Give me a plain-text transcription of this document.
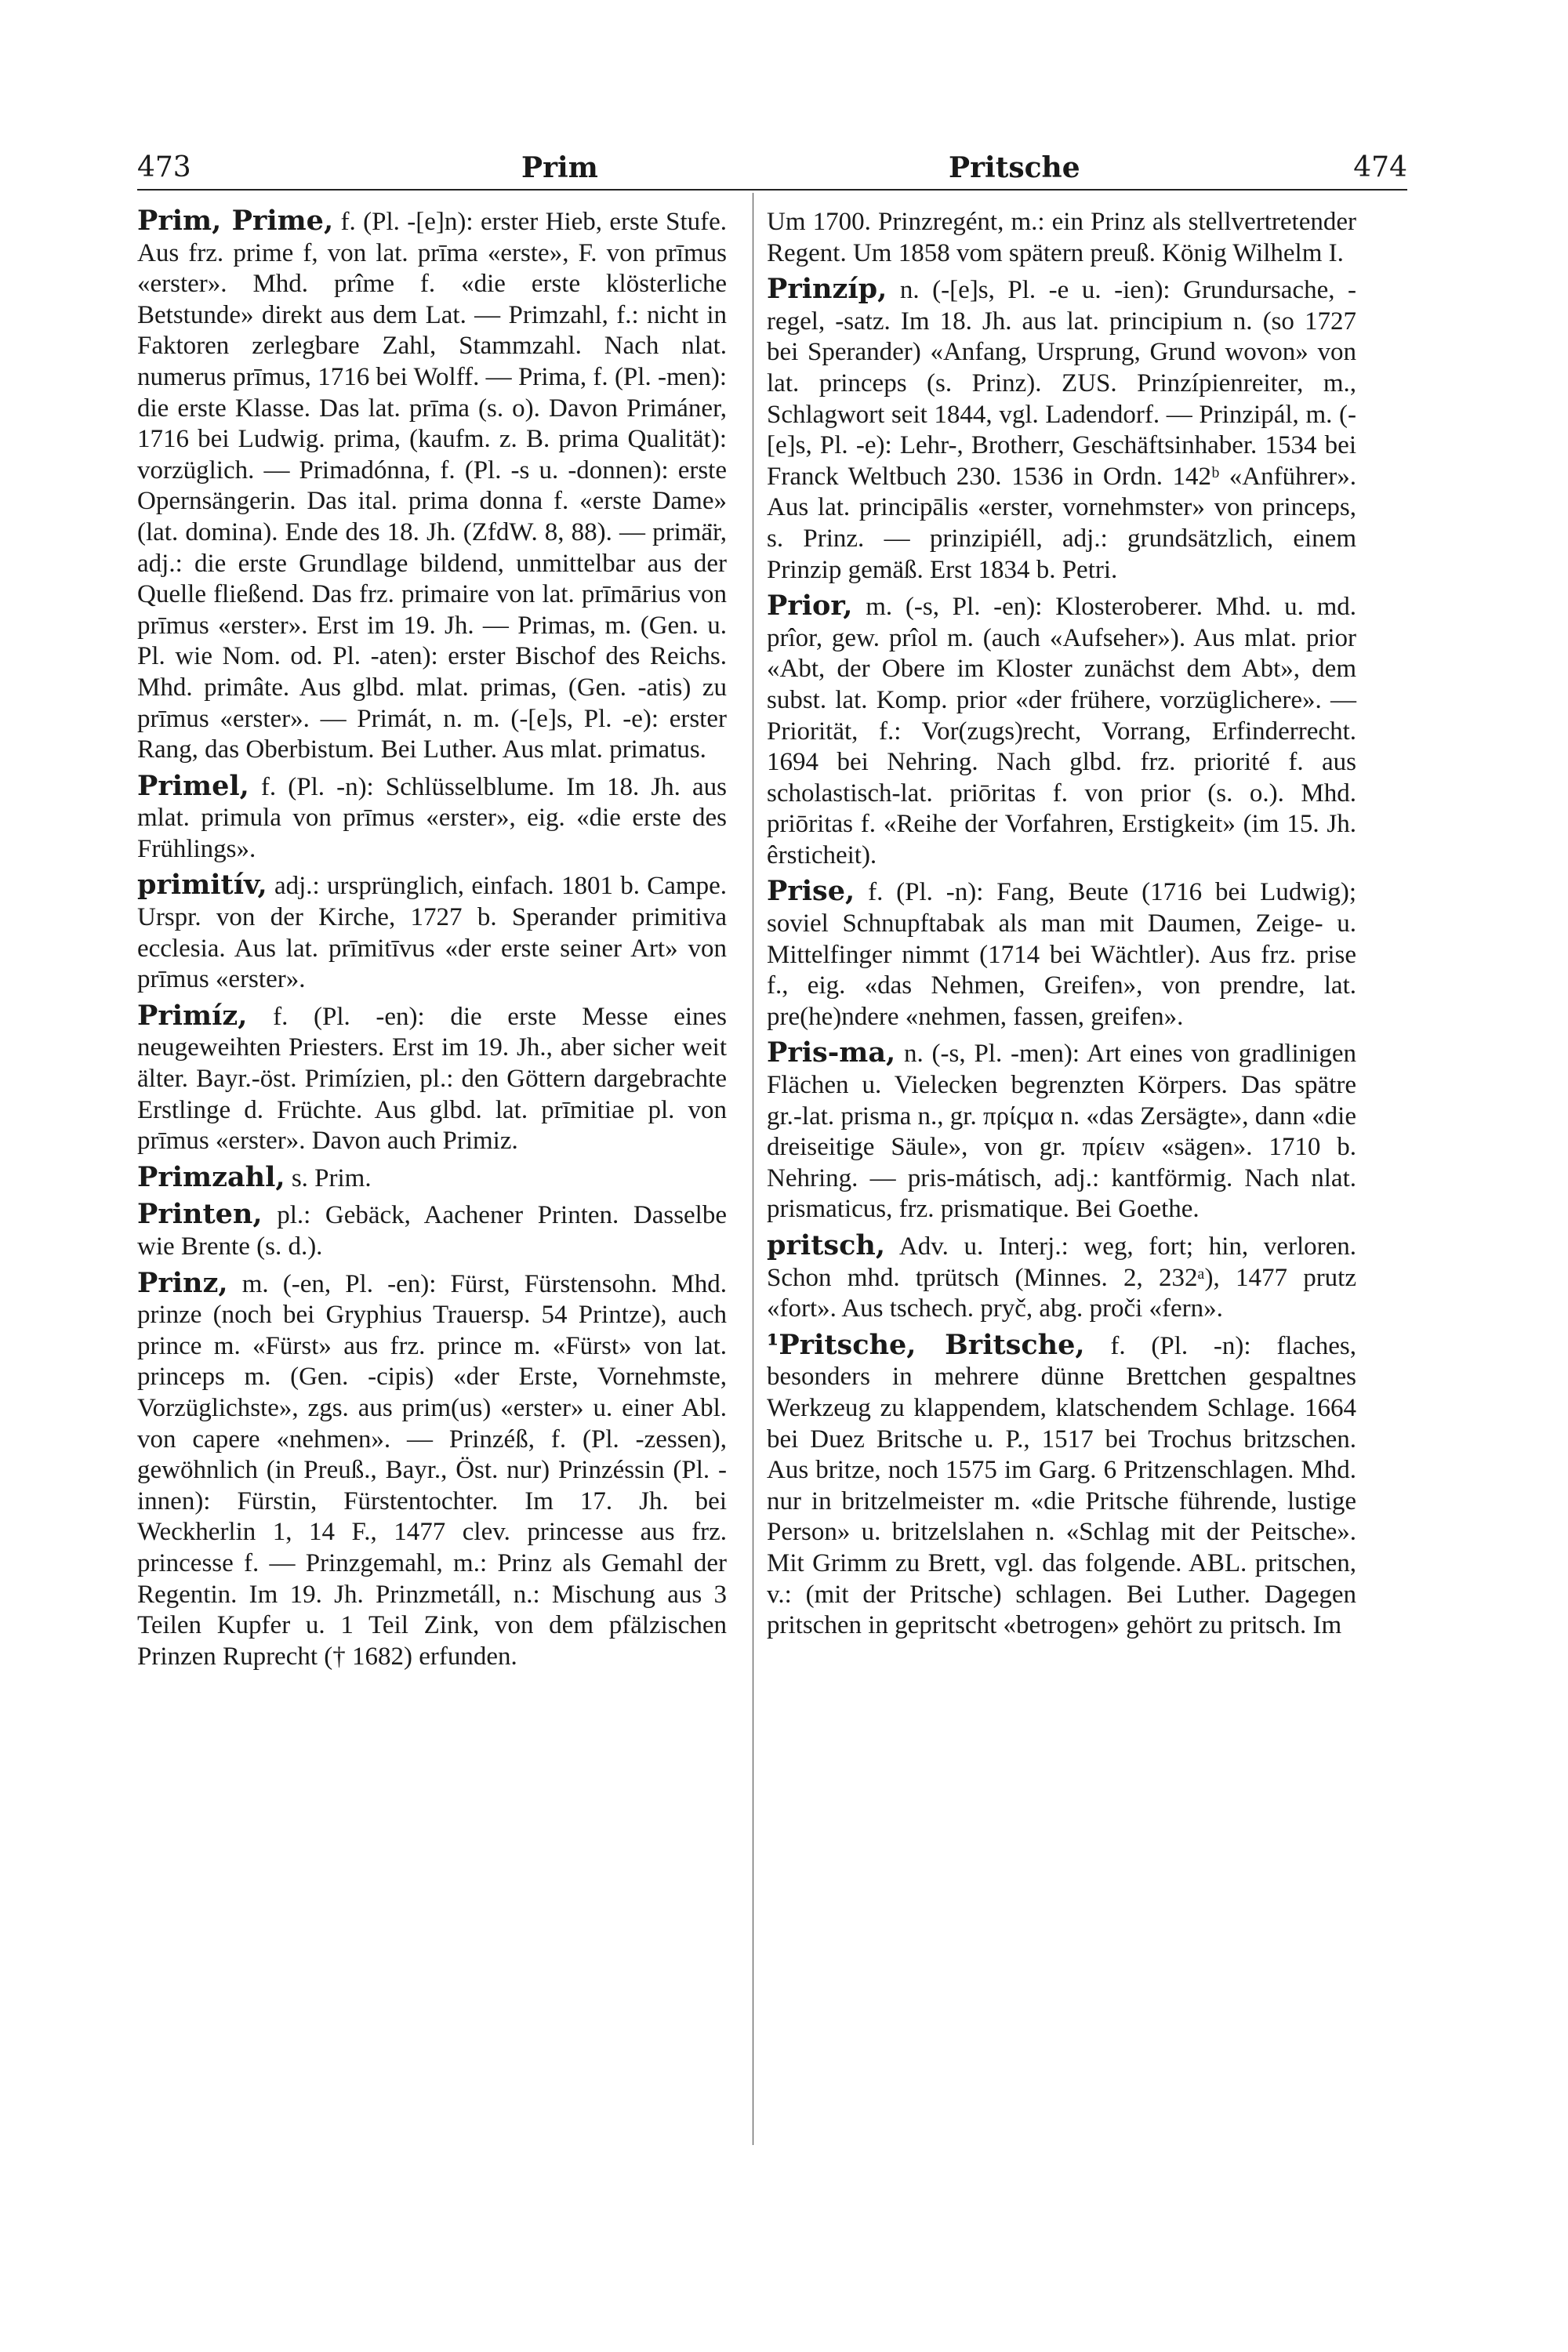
473	Prim	Pritsche	474

Prim, Prime, f. (Pl. -[e]n): erster Hieb, erste Stufe. Aus frz. prime f, von lat. prīma «erste», F. von prīmus «erster». Mhd. prîme f. «die erste klösterliche Betstunde» direkt aus dem Lat. — Primzahl, f.: nicht in Faktoren zerlegbare Zahl, Stammzahl. Nach nlat. numerus prīmus, 1716 bei Wolff. — Prima, f. (Pl. -men): die erste Klasse. Das lat. prīma (s. o). Davon Primáner, 1716 bei Ludwig. prima, (kaufm. z. B. prima Qualität): vorzüglich. — Primadónna, f. (Pl. -s u. -donnen): erste Opernsängerin. Das ital. prima donna f. «erste Dame» (lat. domina). Ende des 18. Jh. (ZfdW. 8, 88). — primä̈r, adj.: die erste Grundlage bildend, unmittelbar aus der Quelle fließend. Das frz. primaire von lat. prīmārius von prīmus «erster». Erst im 19. Jh. — Primas, m. (Gen. u. Pl. wie Nom. od. Pl. -aten): erster Bischof des Reichs. Mhd. primâte. Aus glbd. mlat. primas, (Gen. -atis) zu prīmus «erster». — Primát, n. m. (-[e]s, Pl. -e): erster Rang, das Oberbistum. Bei Luther. Aus mlat. primatus.

Primel, f. (Pl. -n): Schlüsselblume. Im 18. Jh. aus mlat. primula von prīmus «erster», eig. «die erste des Frühlings».

primitív, adj.: ursprünglich, einfach. 1801 b. Campe. Urspr. von der Kirche, 1727 b. Sperander primitiva ecclesia. Aus lat. prīmitīvus «der erste seiner Art» von prīmus «erster».

Primíz, f. (Pl. -en): die erste Messe eines neugeweihten Priesters. Erst im 19. Jh., aber sicher weit älter. Bayr.-öst. Primízien, pl.: den Göttern dargebrachte Erstlinge d. Früchte. Aus glbd. lat. prīmitiae pl. von prīmus «erster». Davon auch Primiz.

Primzahl, s. Prim.

Printen, pl.: Gebäck, Aachener Printen. Dasselbe wie Brente (s. d.).

Prinz, m. (-en, Pl. -en): Fürst, Fürstensohn. Mhd. prinze (noch bei Gryphius Trauersp. 54 Printze), auch prince m. «Fürst» aus frz. prince m. «Fürst» von lat. princeps m. (Gen. -cipis) «der Erste, Vornehmste, Vorzüglichste», zgs. aus prim(us) «erster» u. einer Abl. von capere «nehmen». — Prinzéß, f. (Pl. -zessen), gewöhnlich (in Preuß., Bayr., Öst. nur) Prinzéssin (Pl. -innen): Fürstin, Fürstentochter. Im 17. Jh. bei Weckherlin 1, 14 F., 1477 clev. princesse aus frz. princesse f. — Prinzgemahl, m.: Prinz als Gemahl der Regentin. Im 19. Jh. Prinzmetáll, n.: Mischung aus 3 Teilen Kupfer u. 1 Teil Zink, von dem pfälzischen Prinzen Ruprecht († 1682) erfunden.

Um 1700. Prinzregént, m.: ein Prinz als stellvertretender Regent. Um 1858 vom spätern preuß. König Wilhelm I.

Prinzíp, n. (-[e]s, Pl. -e u. -ien): Grundursache, -regel, -satz. Im 18. Jh. aus lat. principium n. (so 1727 bei Sperander) «Anfang, Ursprung, Grund wovon» von lat. princeps (s. Prinz). ZUS. Prinzípienreiter, m., Schlagwort seit 1844, vgl. Ladendorf. — Prinzipál, m. (-[e]s, Pl. -e): Lehr-, Brotherr, Geschäftsinhaber. 1534 bei Franck Weltbuch 230. 1536 in Ordn. 142ᵇ «Anführer». Aus lat. principālis «erster, vornehmster» von princeps, s. Prinz. — prinzipiéll, adj.: grundsätzlich, einem Prinzip gemäß. Erst 1834 b. Petri.

Prior, m. (-s, Pl. -en): Klosteroberer. Mhd. u. md. prîor, gew. prîol m. (auch «Aufseher»). Aus mlat. prior «Abt, der Obere im Kloster zunächst dem Abt», dem subst. lat. Komp. prior «der frühere, vorzüglichere». — Priorität, f.: Vor(zugs)recht, Vorrang, Erfinderrecht. 1694 bei Nehring. Nach glbd. frz. priorité f. aus scholastisch-lat. priōritas f. von prior (s. o.). Mhd. priōritas f. «Reihe der Vorfahren, Erstigkeit» (im 15. Jh. êrsticheit).

Prise, f. (Pl. -n): Fang, Beute (1716 bei Ludwig); soviel Schnupftabak als man mit Daumen, Zeige- u. Mittelfinger nimmt (1714 bei Wächtler). Aus frz. prise f., eig. «das Nehmen, Greifen», von prendre, lat. pre(he)ndere «nehmen, fassen, greifen».

Pris-ma, n. (-s, Pl. -men): Art eines von gradlinigen Flächen u. Vielecken begrenzten Körpers. Das spätre gr.-lat. prisma n., gr. πρίςμα n. «das Zersägte», dann «die dreiseitige Säule», von gr. πρίειν «sägen». 1710 b. Nehring. — pris-mátisch, adj.: kantförmig. Nach nlat. prismaticus, frz. prismatique. Bei Goethe.

pritsch, Adv. u. Interj.: weg, fort; hin, verloren. Schon mhd. tprütsch (Minnes. 2, 232ᵃ), 1477 prutz «fort». Aus tschech. pryč, abg. proči «fern».

¹Pritsche, Britsche, f. (Pl. -n): flaches, besonders in mehrere dünne Brettchen gespaltnes Werkzeug zu klappendem, klatschendem Schlage. 1664 bei Duez Britsche u. P., 1517 bei Trochus britzschen. Aus britze, noch 1575 im Garg. 6 Pritzenschlagen. Mhd. nur in britzelmeister m. «die Pritsche führende, lustige Person» u. britzelslahen n. «Schlag mit der Peitsche». Mit Grimm zu Brett, vgl. das folgende. ABL. pritschen, v.: (mit der Pritsche) schlagen. Bei Luther. Dagegen pritschen in gepritscht «betrogen» gehört zu pritsch. Im
